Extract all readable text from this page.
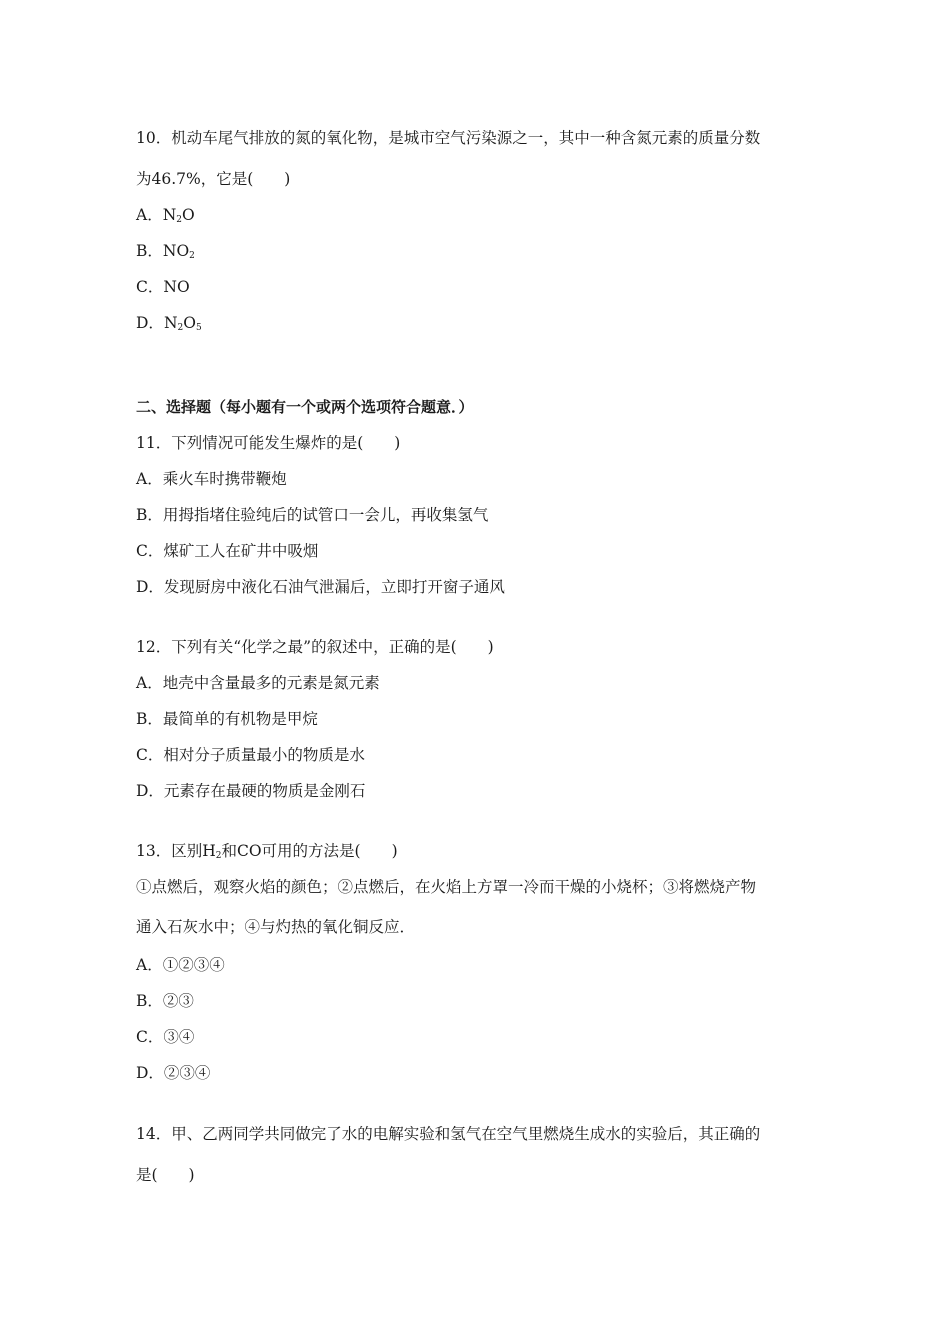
10．机动车尾气排放的氮的氧化物，是城市空气污染源之一，其中一种含氮元素的质量分数
为46.7%，它是(　　)
A．$N_2O$
B．$NO_2$
C．NO
D．$N_2O_5$
二、选择题（每小题有一个或两个选项符合题意．）
11．下列情况可能发生爆炸的是(　　)
A．乘火车时携带鞭炮
B．用拇指堵住验纯后的试管口一会儿，再收集氢气
C．煤矿工人在矿井中吸烟
D．发现厨房中液化石油气泄漏后，立即打开窗子通风
12．下列有关“化学之最”的叙述中，正确的是(　　)
A．地壳中含量最多的元素是氮元素
B．最简单的有机物是甲烷
C．相对分子质量最小的物质是水
D．元素存在最硬的物质是金刚石
13．区别$H_2$和CO可用的方法是(　　)
①点燃后，观察火焰的颜色；②点燃后，在火焰上方罩一冷而干燥的小烧杯；③将燃烧产物
通入石灰水中；④与灼热的氧化铜反应．
A．①②③④
B．②③
C．③④
D．②③④
14．甲、乙两同学共同做完了水的电解实验和氢气在空气里燃烧生成水的实验后，其正确的
是(　　)
